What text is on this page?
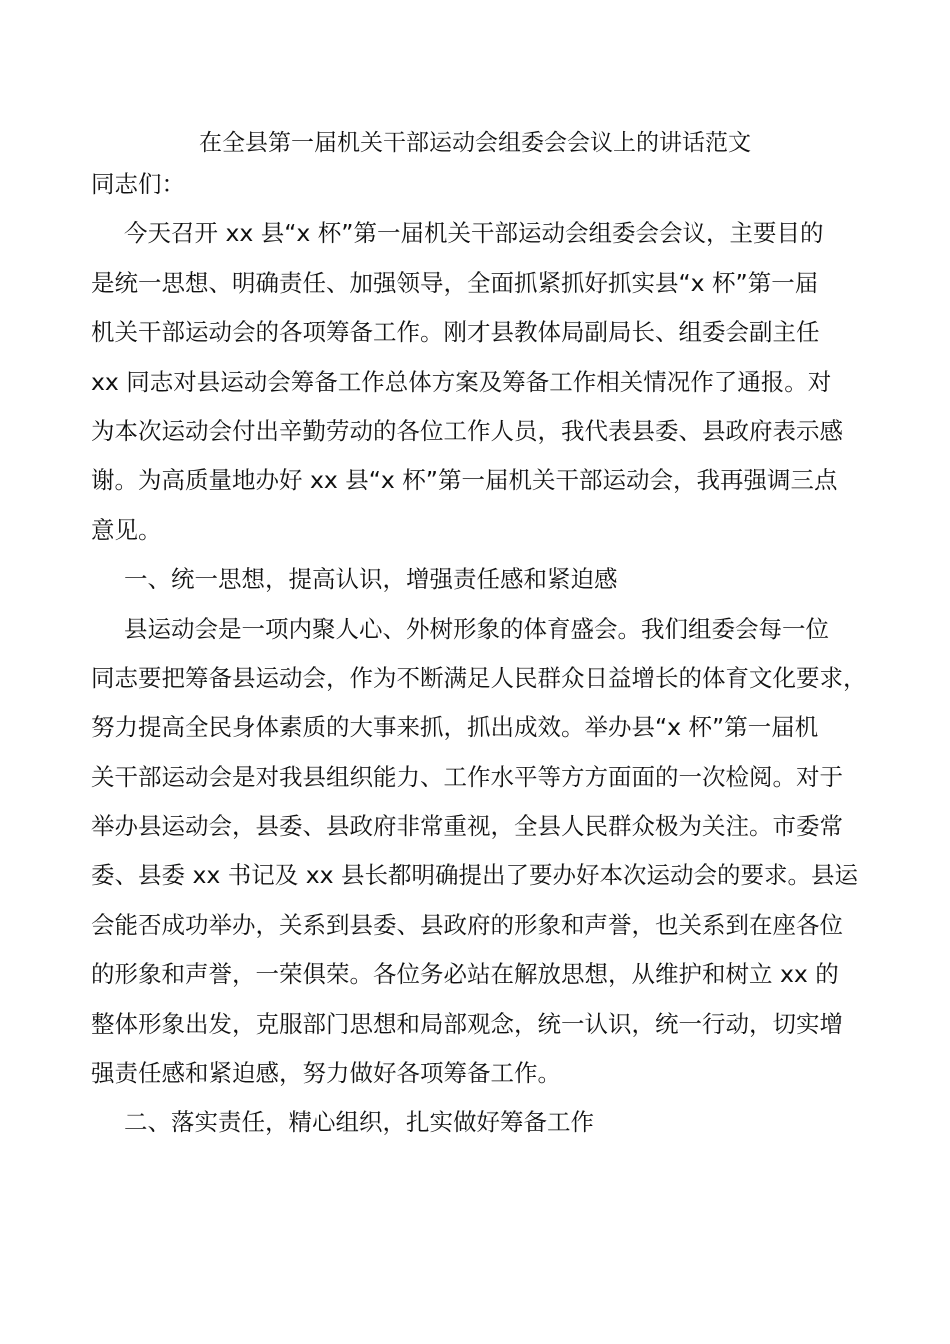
在全县第一届机关干部运动会组委会会议上的讲话范文
同志们：
今天召开 xx 县“x 杯”第一届机关干部运动会组委会会议，主要目的
是统一思想、明确责任、加强领导，全面抓紧抓好抓实县“x 杯”第一届
机关干部运动会的各项筹备工作。刚才县教体局副局长、组委会副主任
xx 同志对县运动会筹备工作总体方案及筹备工作相关情况作了通报。对
为本次运动会付出辛勤劳动的各位工作人员，我代表县委、县政府表示感
谢。为高质量地办好 xx 县“x 杯”第一届机关干部运动会，我再强调三点
意见。
一、统一思想，提高认识，增强责任感和紧迫感
县运动会是一项内聚人心、外树形象的体育盛会。我们组委会每一位
同志要把筹备县运动会，作为不断满足人民群众日益增长的体育文化要求，
努力提高全民身体素质的大事来抓，抓出成效。举办县“x 杯”第一届机
关干部运动会是对我县组织能力、工作水平等方方面面的一次检阅。对于
举办县运动会，县委、县政府非常重视，全县人民群众极为关注。市委常
委、县委 xx 书记及 xx 县长都明确提出了要办好本次运动会的要求。县运
会能否成功举办，关系到县委、县政府的形象和声誉，也关系到在座各位
的形象和声誉，一荣俱荣。各位务必站在解放思想，从维护和树立 xx 的
整体形象出发，克服部门思想和局部观念，统一认识，统一行动，切实增
强责任感和紧迫感，努力做好各项筹备工作。
二、落实责任，精心组织，扎实做好筹备工作
